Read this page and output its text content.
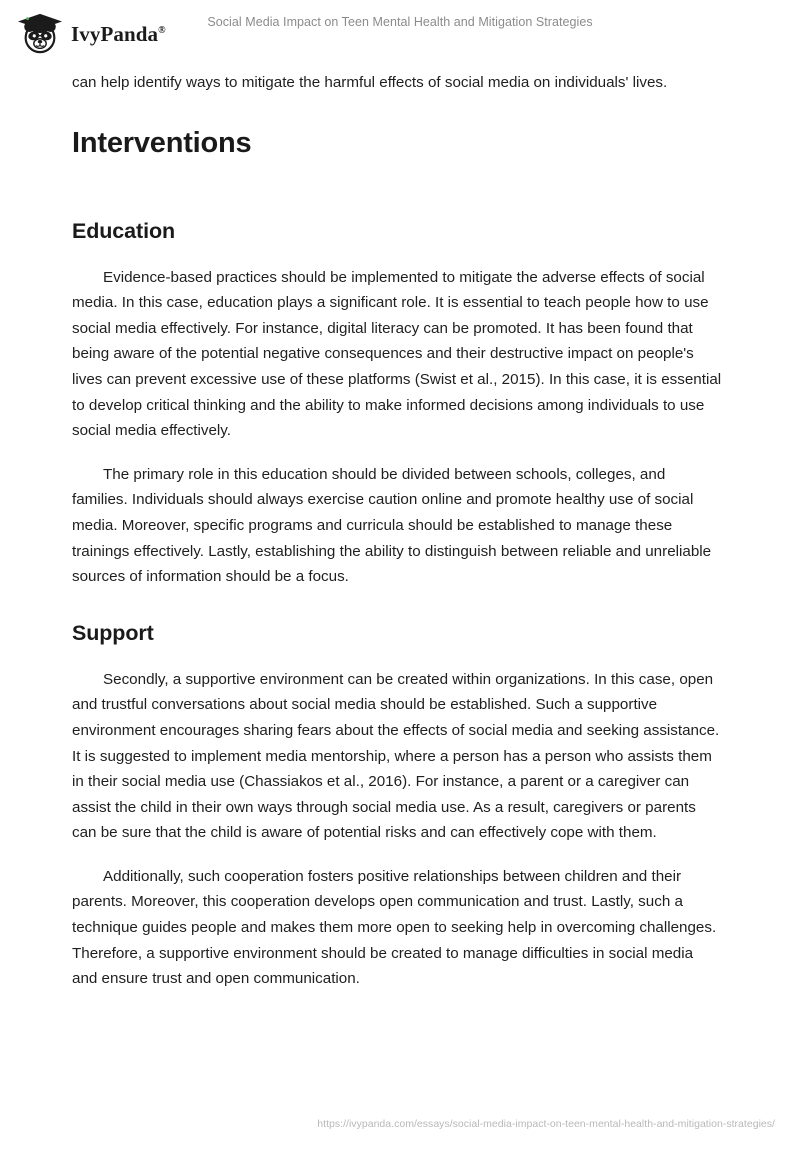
IvyPanda®
Social Media Impact on Teen Mental Health and Mitigation Strategies

can help identify ways to mitigate the harmful effects of social media on individuals' lives.

Interventions
Education

Evidence-based practices should be implemented to mitigate the adverse effects of social media. In this case, education plays a significant role. It is essential to teach people how to use social media effectively. For instance, digital literacy can be promoted. It has been found that being aware of the potential negative consequences and their destructive impact on people's lives can prevent excessive use of these platforms (Swist et al., 2015). In this case, it is essential to develop critical thinking and the ability to make informed decisions among individuals to use social media effectively.

The primary role in this education should be divided between schools, colleges, and families. Individuals should always exercise caution online and promote healthy use of social media. Moreover, specific programs and curricula should be established to manage these trainings effectively. Lastly, establishing the ability to distinguish between reliable and unreliable sources of information should be a focus.

Support

Secondly, a supportive environment can be created within organizations. In this case, open and trustful conversations about social media should be established. Such a supportive environment encourages sharing fears about the effects of social media and seeking assistance. It is suggested to implement media mentorship, where a person has a person who assists them in their social media use (Chassiakos et al., 2016). For instance, a parent or a caregiver can assist the child in their own ways through social media use. As a result, caregivers or parents can be sure that the child is aware of potential risks and can effectively cope with them.

Additionally, such cooperation fosters positive relationships between children and their parents. Moreover, this cooperation develops open communication and trust. Lastly, such a technique guides people and makes them more open to seeking help in overcoming challenges. Therefore, a supportive environment should be created to manage difficulties in social media and ensure trust and open communication.

https://ivypanda.com/essays/social-media-impact-on-teen-mental-health-and-mitigation-strategies/
